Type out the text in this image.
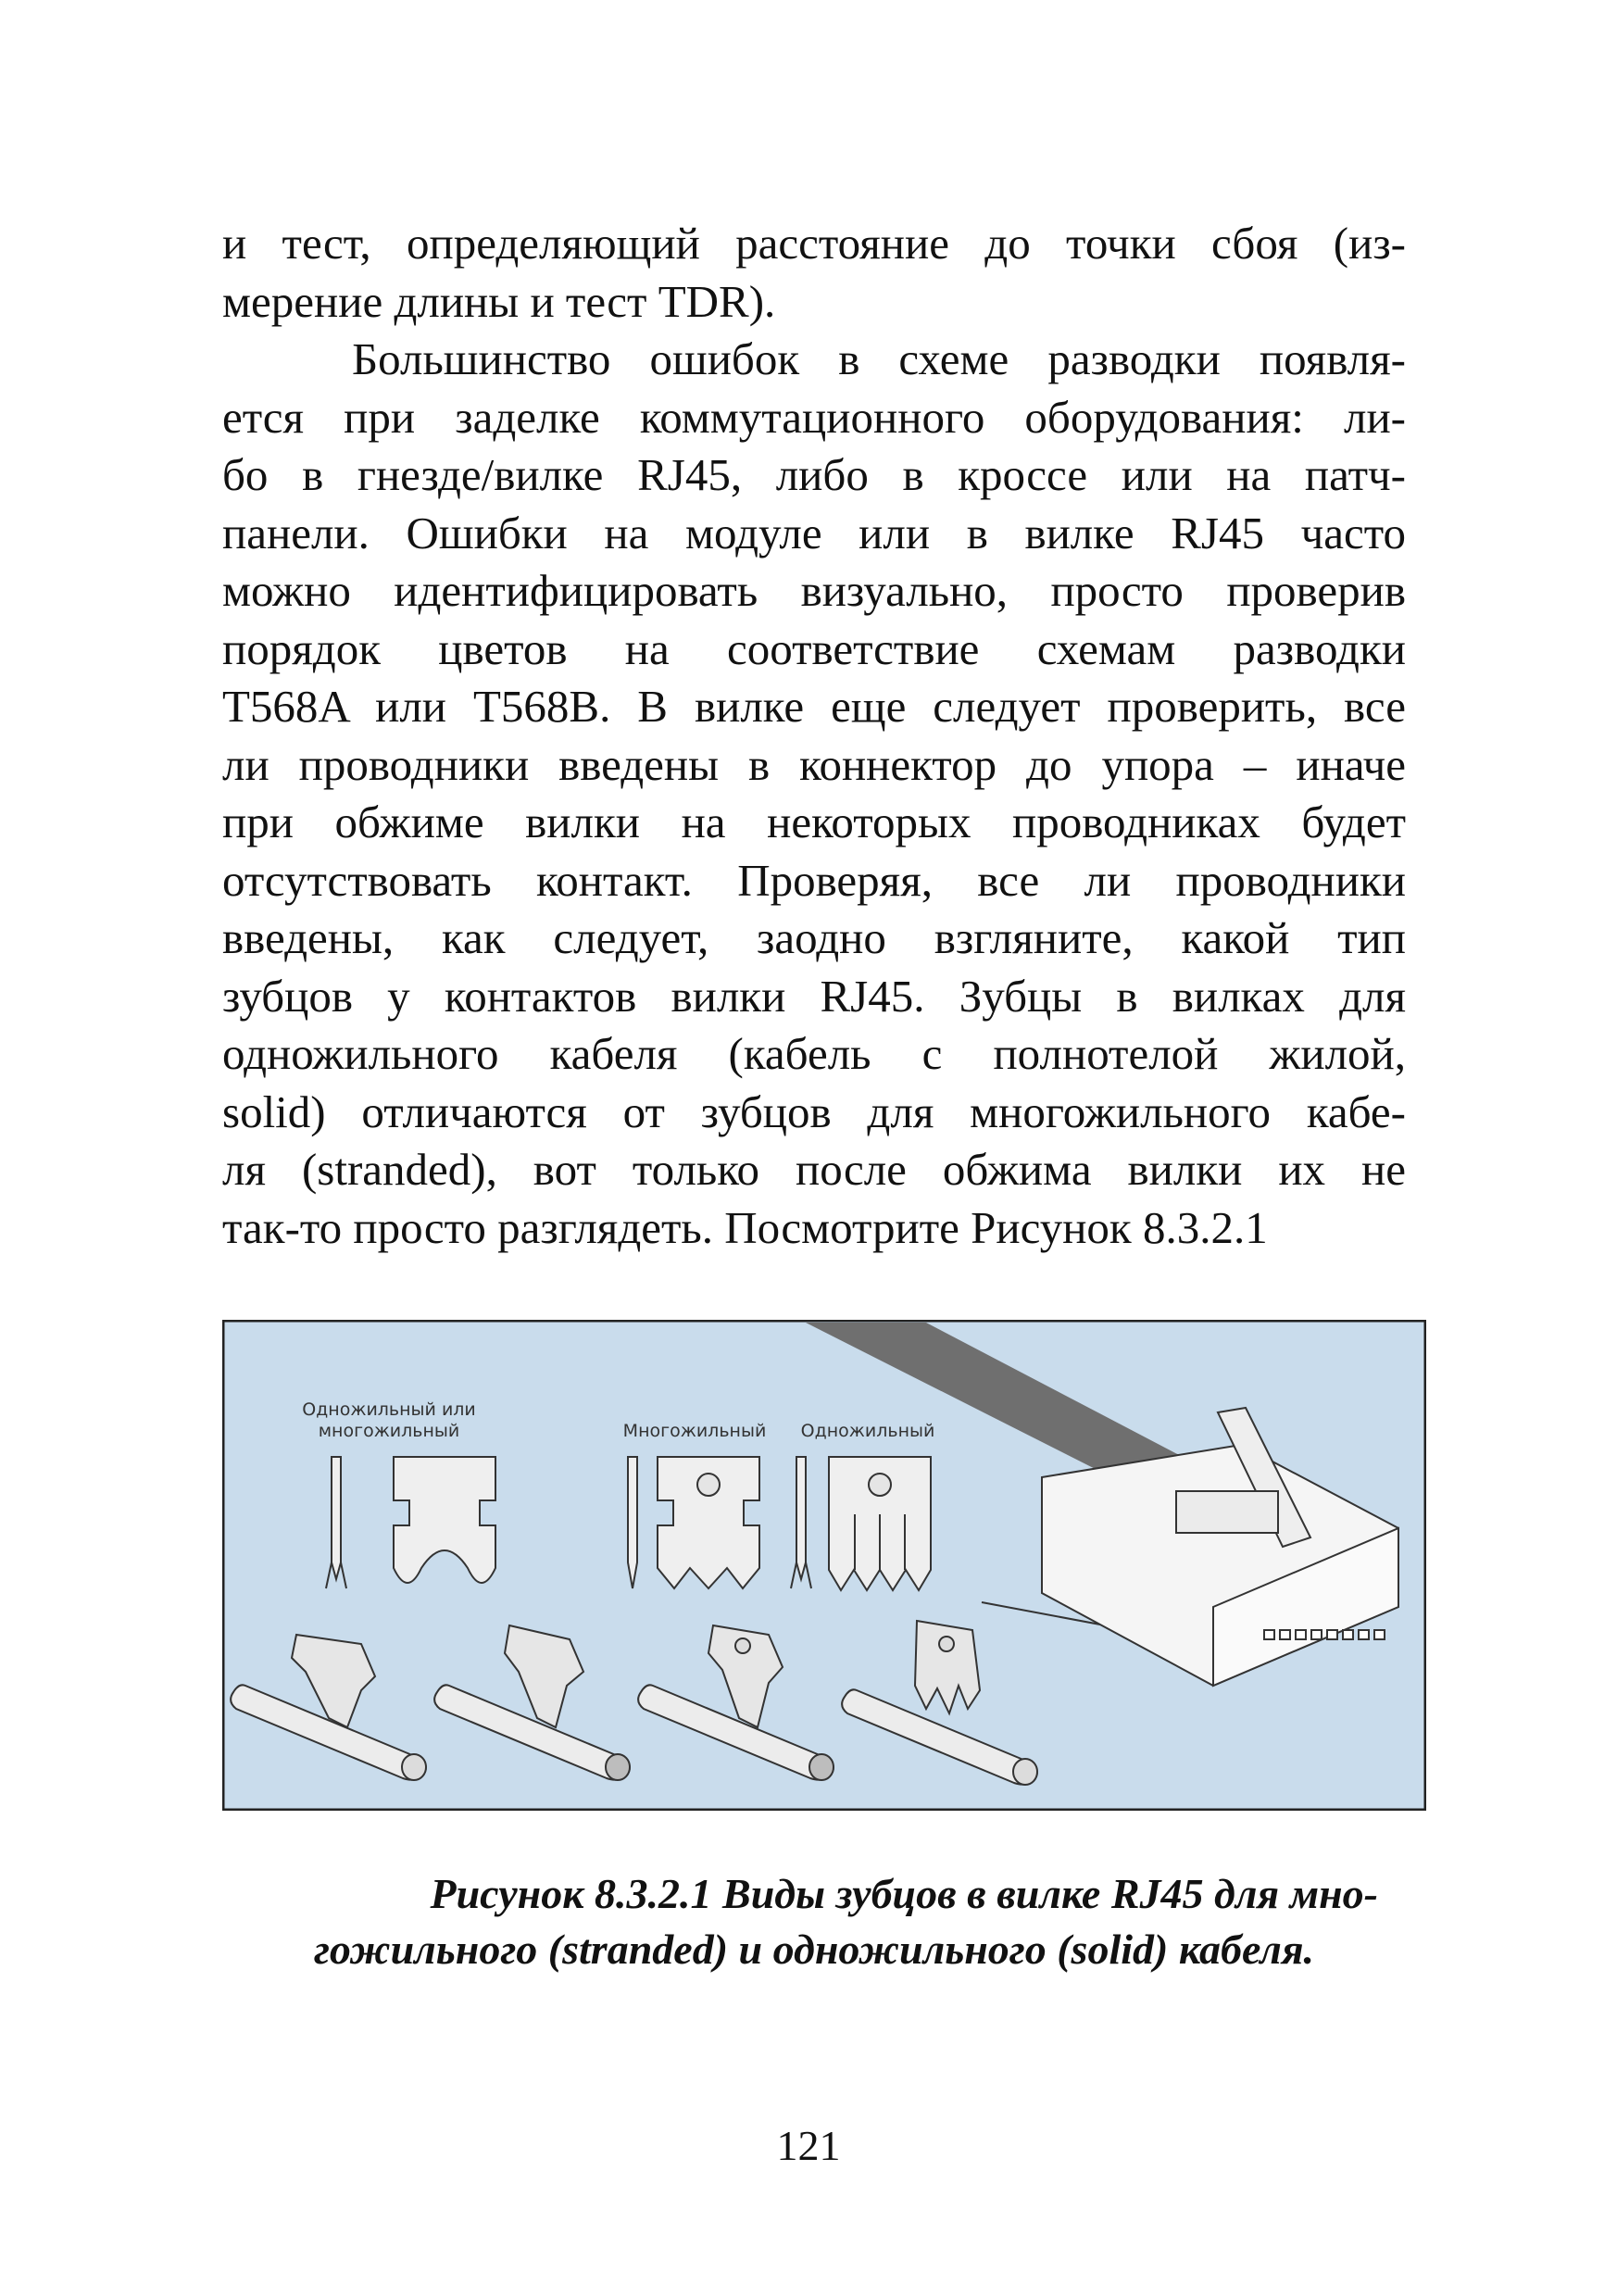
и тест, определяющий расстояние до точки сбоя (из-
мерение длины и тест TDR).
Большинство ошибок в схеме разводки появля-
ется при заделке коммутационного оборудования: ли-
бо в гнезде/вилке RJ45, либо в кроссе или на патч-
панели. Ошибки на модуле или в вилке RJ45 часто
можно идентифицировать визуально, просто проверив
порядок цветов на соответствие схемам разводки
T568A или T568B. В вилке еще следует проверить, все
ли проводники введены в коннектор до упора – иначе
при обжиме вилки на некоторых проводниках будет
отсутствовать контакт. Проверяя, все ли проводники
введены, как следует, заодно взгляните, какой тип
зубцов у контактов вилки RJ45. Зубцы в вилках для
одножильного кабеля (кабель с полнотелой жилой,
solid) отличаются от зубцов для многожильного кабе-
ля (stranded), вот только после обжима вилки их не
так-то просто разглядеть. Посмотрите Рисунок 8.3.2.1
Одножильный или
многожильный	Многожильный Одножильный
Рисунок 8.3.2.1 Виды зубцов в вилке RJ45 для мно-
гожильного (stranded) и одножильного (solid) кабеля.
121
